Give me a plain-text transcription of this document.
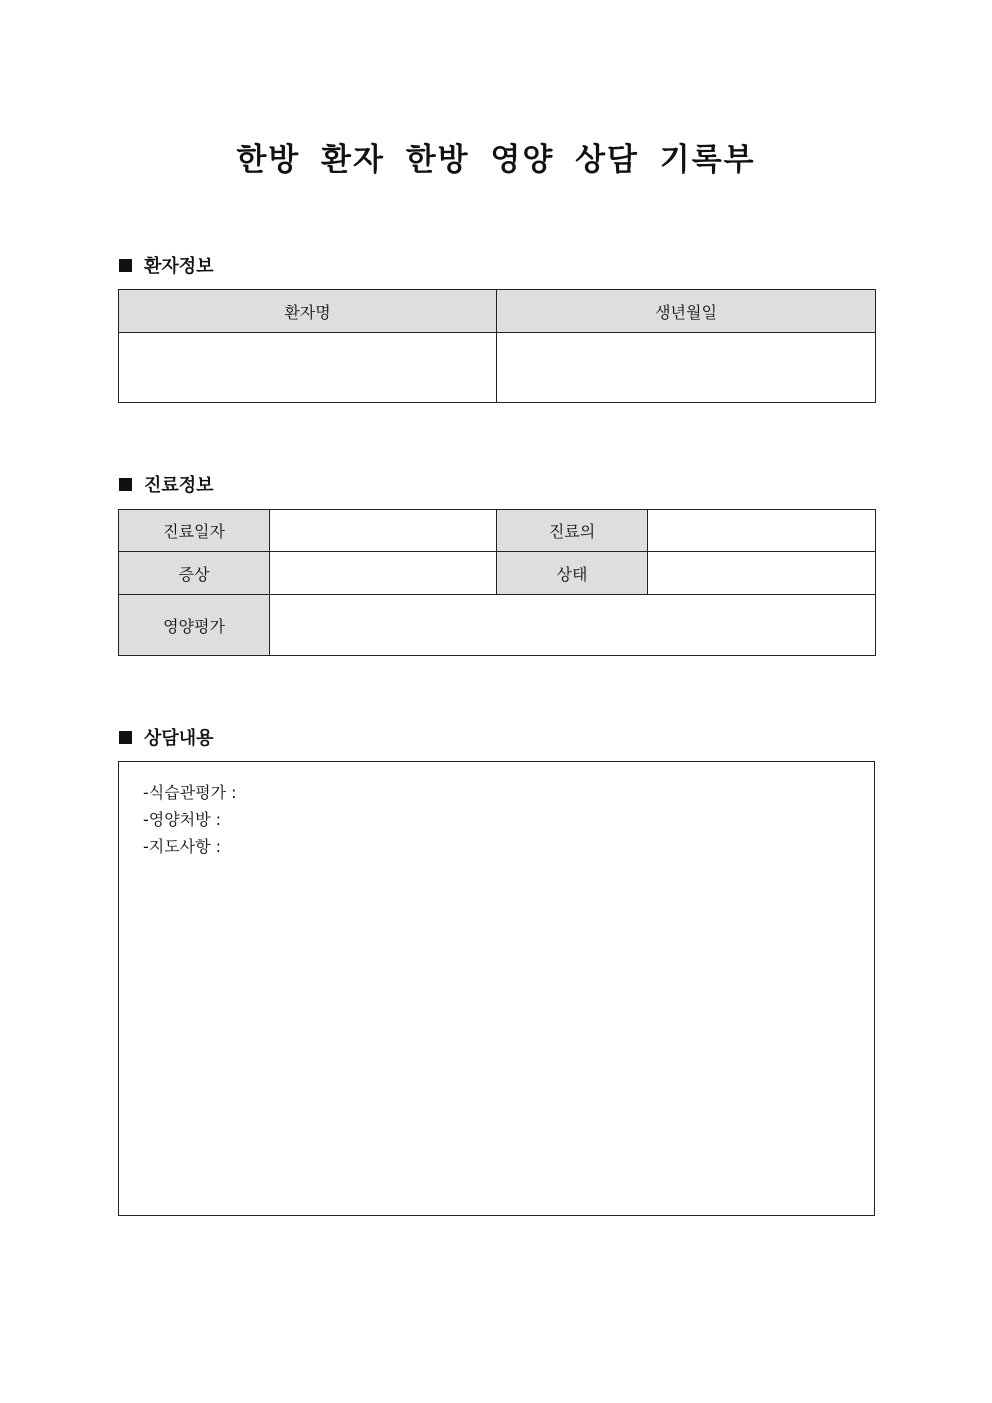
한방 환자 한방 영양 상담 기록부
환자정보
환자명	생년월일

진료정보
진료일자		진료의	
증상		상태	
영양평가			
상담내용
-식습관평가 :
-영양처방 :
-지도사항 :
